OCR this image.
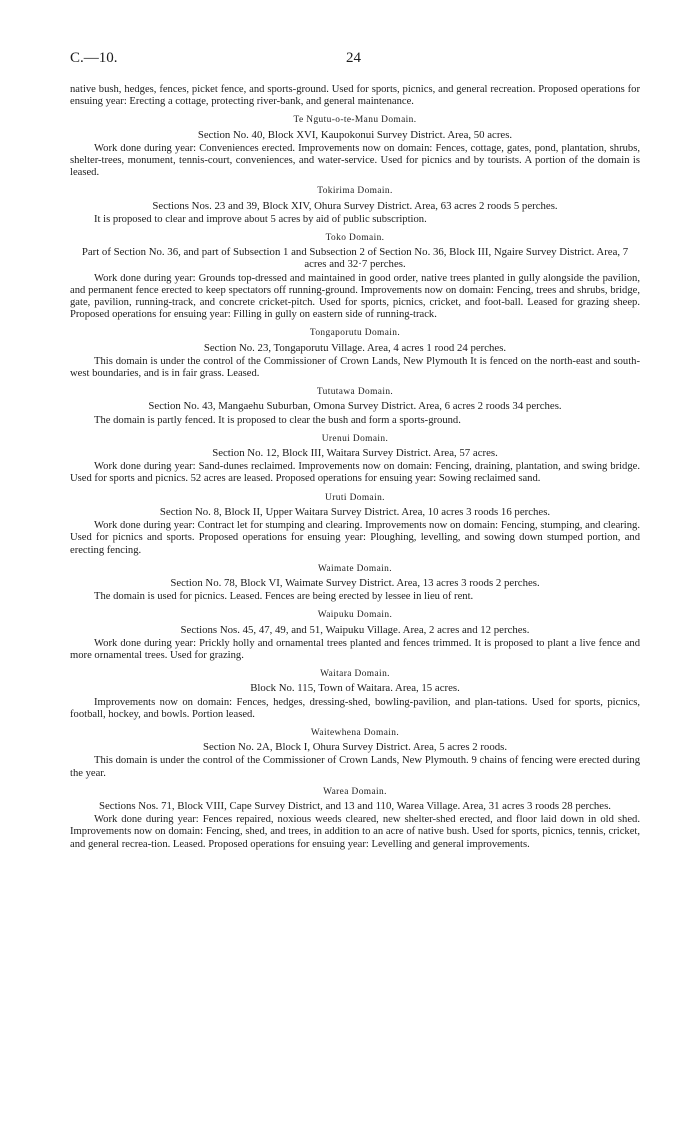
C.—10.	24

native bush, hedges, fences, picket fence, and sports-ground. Used for sports, picnics, and general recreation. Proposed operations for ensuing year: Erecting a cottage, protecting river-bank, and general maintenance.

Te Ngutu-o-te-Manu Domain.

Section No. 40, Block XVI, Kaupokonui Survey District. Area, 50 acres.

Work done during year: Conveniences erected. Improvements now on domain: Fences, cottage, gates, pond, plantation, shrubs, shelter-trees, monument, tennis-court, conveniences, and water-service. Used for picnics and by tourists. A portion of the domain is leased.

Tokirima Domain.

Sections Nos. 23 and 39, Block XIV, Ohura Survey District. Area, 63 acres 2 roods 5 perches.

It is proposed to clear and improve about 5 acres by aid of public subscription.

Toko Domain.

Part of Section No. 36, and part of Subsection 1 and Subsection 2 of Section No. 36, Block III, Ngaire Survey District. Area, 7 acres and 32·7 perches.

Work done during year: Grounds top-dressed and maintained in good order, native trees planted in gully alongside the pavilion, and permanent fence erected to keep spectators off running-ground. Improvements now on domain: Fencing, trees and shrubs, bridge, gate, pavilion, running-track, and concrete cricket-pitch. Used for sports, picnics, cricket, and foot-ball. Leased for grazing sheep. Proposed operations for ensuing year: Filling in gully on eastern side of running-track.

Tongaporutu Domain.

Section No. 23, Tongaporutu Village. Area, 4 acres 1 rood 24 perches.

This domain is under the control of the Commissioner of Crown Lands, New Plymouth It is fenced on the north-east and south-west boundaries, and is in fair grass. Leased.

Tututawa Domain.

Section No. 43, Mangaehu Suburban, Omona Survey District. Area, 6 acres 2 roods 34 perches.

The domain is partly fenced. It is proposed to clear the bush and form a sports-ground.

Urenui Domain.

Section No. 12, Block III, Waitara Survey District. Area, 57 acres.

Work done during year: Sand-dunes reclaimed. Improvements now on domain: Fencing, draining, plantation, and swing bridge. Used for sports and picnics. 52 acres are leased. Proposed operations for ensuing year: Sowing reclaimed sand.

Uruti Domain.

Section No. 8, Block II, Upper Waitara Survey District. Area, 10 acres 3 roods 16 perches.

Work done during year: Contract let for stumping and clearing. Improvements now on domain: Fencing, stumping, and clearing. Used for picnics and sports. Proposed operations for ensuing year: Ploughing, levelling, and sowing down stumped portion, and erecting fencing.

Waimate Domain.

Section No. 78, Block VI, Waimate Survey District. Area, 13 acres 3 roods 2 perches.

The domain is used for picnics. Leased. Fences are being erected by lessee in lieu of rent.

Waipuku Domain.

Sections Nos. 45, 47, 49, and 51, Waipuku Village. Area, 2 acres and 12 perches.

Work done during year: Prickly holly and ornamental trees planted and fences trimmed. It is proposed to plant a live fence and more ornamental trees. Used for grazing.

Waitara Domain.

Block No. 115, Town of Waitara. Area, 15 acres.

Improvements now on domain: Fences, hedges, dressing-shed, bowling-pavilion, and plan-tations. Used for sports, picnics, football, hockey, and bowls. Portion leased.

Waitewhena Domain.

Section No. 2A, Block I, Ohura Survey District. Area, 5 acres 2 roods.

This domain is under the control of the Commissioner of Crown Lands, New Plymouth. 9 chains of fencing were erected during the year.

Warea Domain.

Sections Nos. 71, Block VIII, Cape Survey District, and 13 and 110, Warea Village. Area, 31 acres 3 roods 28 perches.

Work done during year: Fences repaired, noxious weeds cleared, new shelter-shed erected, and floor laid down in old shed. Improvements now on domain: Fencing, shed, and trees, in addition to an acre of native bush. Used for sports, picnics, tennis, cricket, and general recrea-tion. Leased. Proposed operations for ensuing year: Levelling and general improvements.
